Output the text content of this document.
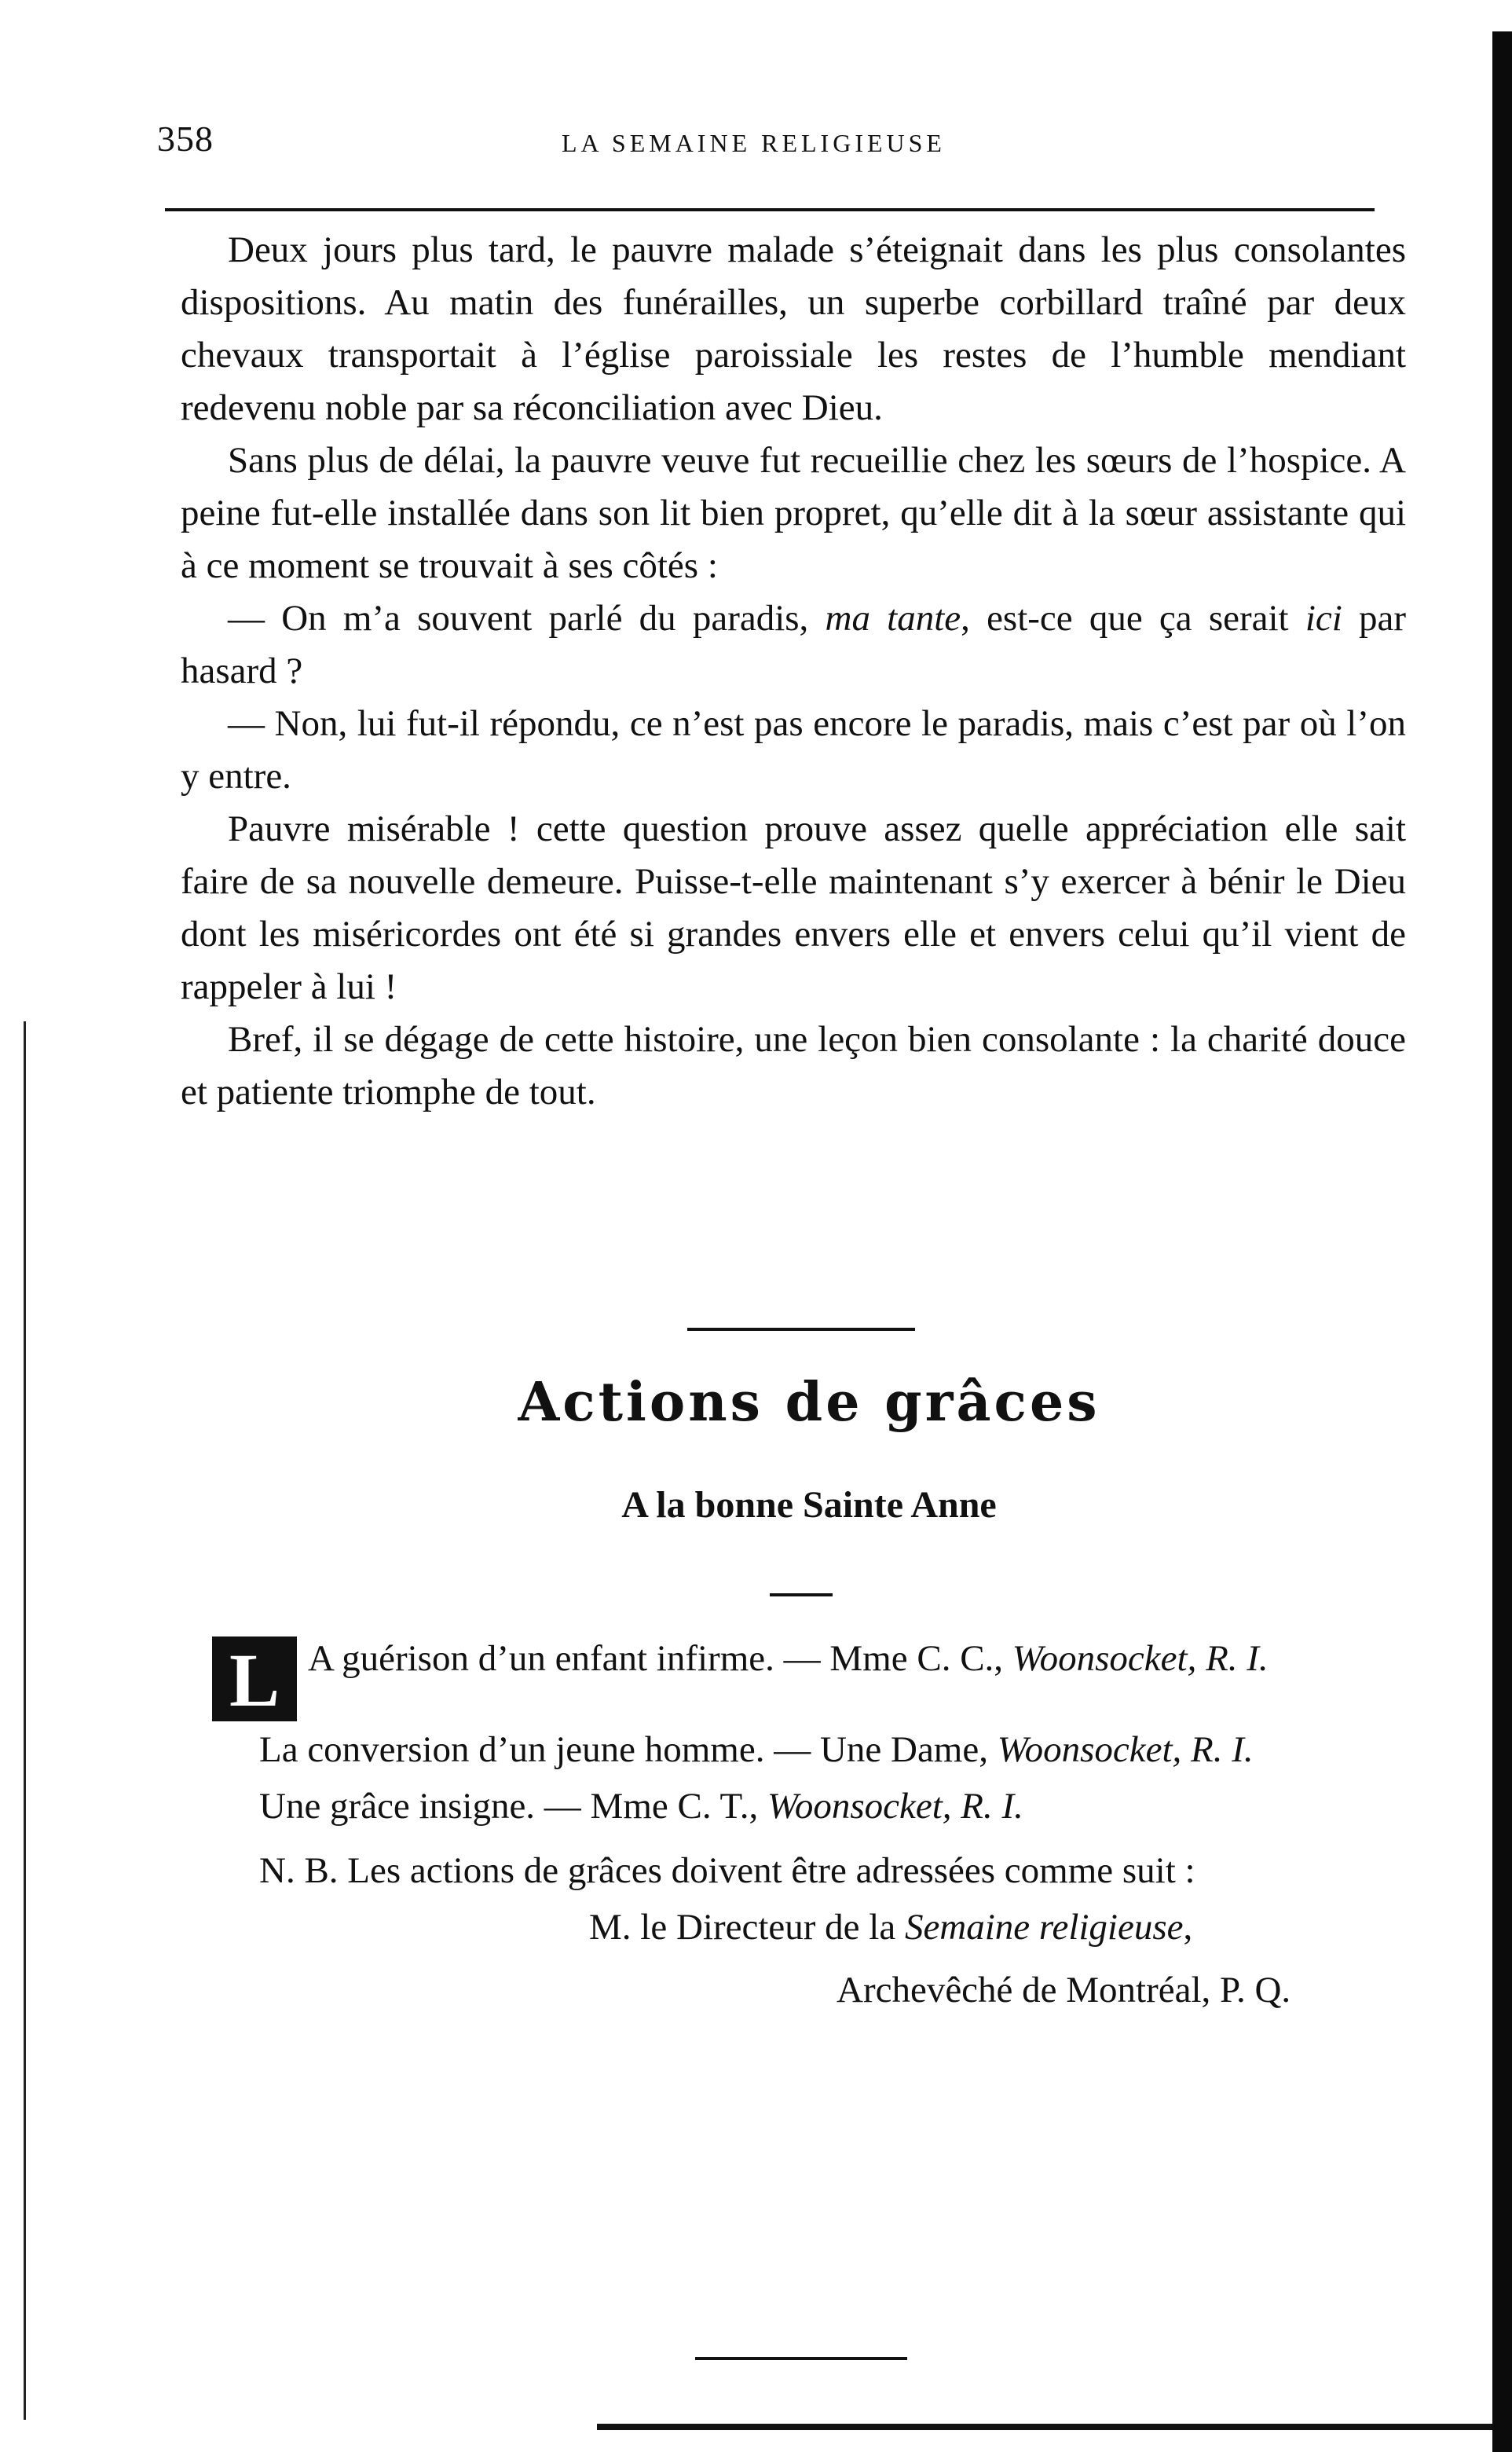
358	LA SEMAINE RELIGIEUSE

Deux jours plus tard, le pauvre malade s’éteignait dans les plus consolantes dispositions. Au matin des funérailles, un superbe corbillard traîné par deux chevaux transportait à l’église paroissiale les restes de l’humble mendiant redevenu noble par sa réconciliation avec Dieu.

Sans plus de délai, la pauvre veuve fut recueillie chez les sœurs de l’hospice. A peine fut-elle installée dans son lit bien propret, qu’elle dit à la sœur assistante qui à ce moment se trouvait à ses côtés :

— On m’a souvent parlé du paradis, ma tante, est-ce que ça serait ici par hasard ?

— Non, lui fut-il répondu, ce n’est pas encore le paradis, mais c’est par où l’on y entre.

Pauvre misérable ! cette question prouve assez quelle appréciation elle sait faire de sa nouvelle demeure. Puisse-t-elle maintenant s’y exercer à bénir le Dieu dont les miséricordes ont été si grandes envers elle et envers celui qu’il vient de rappeler à lui !

Bref, il se dégage de cette histoire, une leçon bien consolante : la charité douce et patiente triomphe de tout.

Actions de grâces
A la bonne Sainte Anne
L A guérison d’un enfant infirme. — Mme C. C., Woonsocket, R. I.

La conversion d’un jeune homme. — Une Dame, Woonsocket, R. I.

Une grâce insigne. — Mme C. T., Woonsocket, R. I.

N. B. Les actions de grâces doivent être adressées comme suit :

M. le Directeur de la Semaine religieuse,

Archevêché de Montréal, P. Q.
